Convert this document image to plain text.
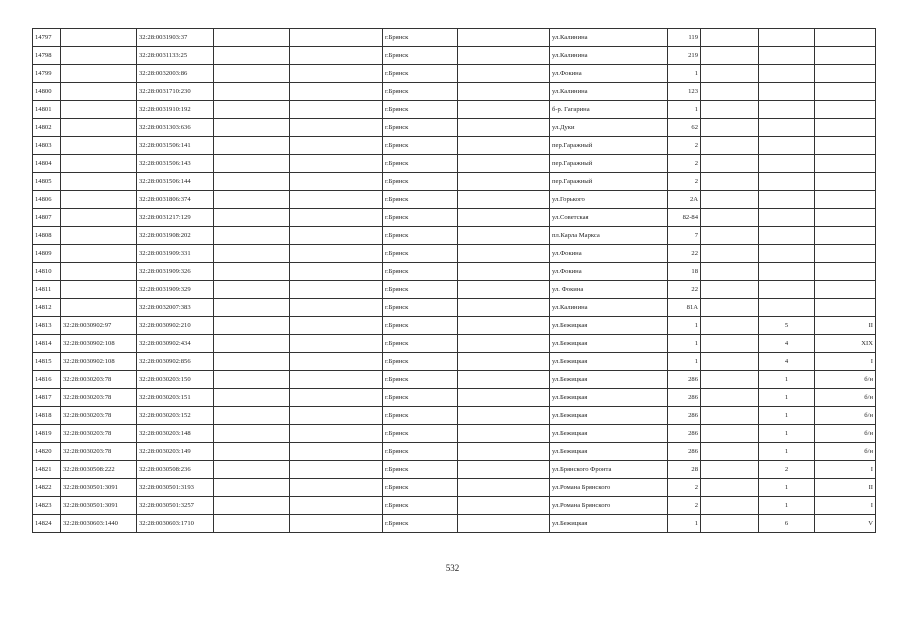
14797		32:28:0031903:37			г.Брянск		ул.Калинина	119			
14798		32:28:0031133:25			г.Брянск		ул.Калинина	219			
14799		32:28:0032003:86			г.Брянск		ул.Фокина	1			
14800		32:28:0031710:230			г.Брянск		ул.Калинина	123			
14801		32:28:0031910:192			г.Брянск		б-р. Гагарина	1			
14802		32:28:0031303:636			г.Брянск		ул.Дуки	62			
14803		32:28:0031506:141			г.Брянск		пер.Гаражный	2			
14804		32:28:0031506:143			г.Брянск		пер.Гаражный	2			
14805		32:28:0031506:144			г.Брянск		пер.Гаражный	2			
14806		32:28:0031806:374			г.Брянск		ул.Горького	2А			
14807		32:28:0031217:129			г.Брянск		ул.Советская	82-84			
14808		32:28:0031908:202			г.Брянск		пл.Карла Маркса	7			
14809		32:28:0031909:331			г.Брянск		ул.Фокина	22			
14810		32:28:0031909:326			г.Брянск		ул.Фокина	18			
14811		32:28:0031909:329			г.Брянск		ул. Фокина	22			
14812		32:28:0032007:383			г.Брянск		ул.Калинина	81А			
14813	32:28:0030902:97	32:28:0030902:210			г.Брянск		ул.Бежицкая	1		5	II
14814	32:28:0030902:108	32:28:0030902:434			г.Брянск		ул.Бежицкая	1		4	XIX
14815	32:28:0030902:108	32:28:0030902:856			г.Брянск		ул.Бежицкая	1		4	I
14816	32:28:0030203:78	32:28:0030203:150			г.Брянск		ул.Бежицкая	286		1	б/н
14817	32:28:0030203:78	32:28:0030203:151			г.Брянск		ул.Бежицкая	286		1	б/н
14818	32:28:0030203:78	32:28:0030203:152			г.Брянск		ул.Бежицкая	286		1	б/н
14819	32:28:0030203:78	32:28:0030203:148			г.Брянск		ул.Бежицкая	286		1	б/н
14820	32:28:0030203:78	32:28:0030203:149			г.Брянск		ул.Бежицкая	286		1	б/н
14821	32:28:0030508:222	32:28:0030508:236			г.Брянск		ул.Брянского Фронта	28		2	I
14822	32:28:0030501:3091	32:28:0030501:3193			г.Брянск		ул.Романа Брянского	2		1	II
14823	32:28:0030501:3091	32:28:0030501:3257			г.Брянск		ул.Романа Брянского	2		1	I
14824	32:28:0030603:1440	32:28:0030603:1710			г.Брянск		ул.Бежицкая	1		6	V
532
